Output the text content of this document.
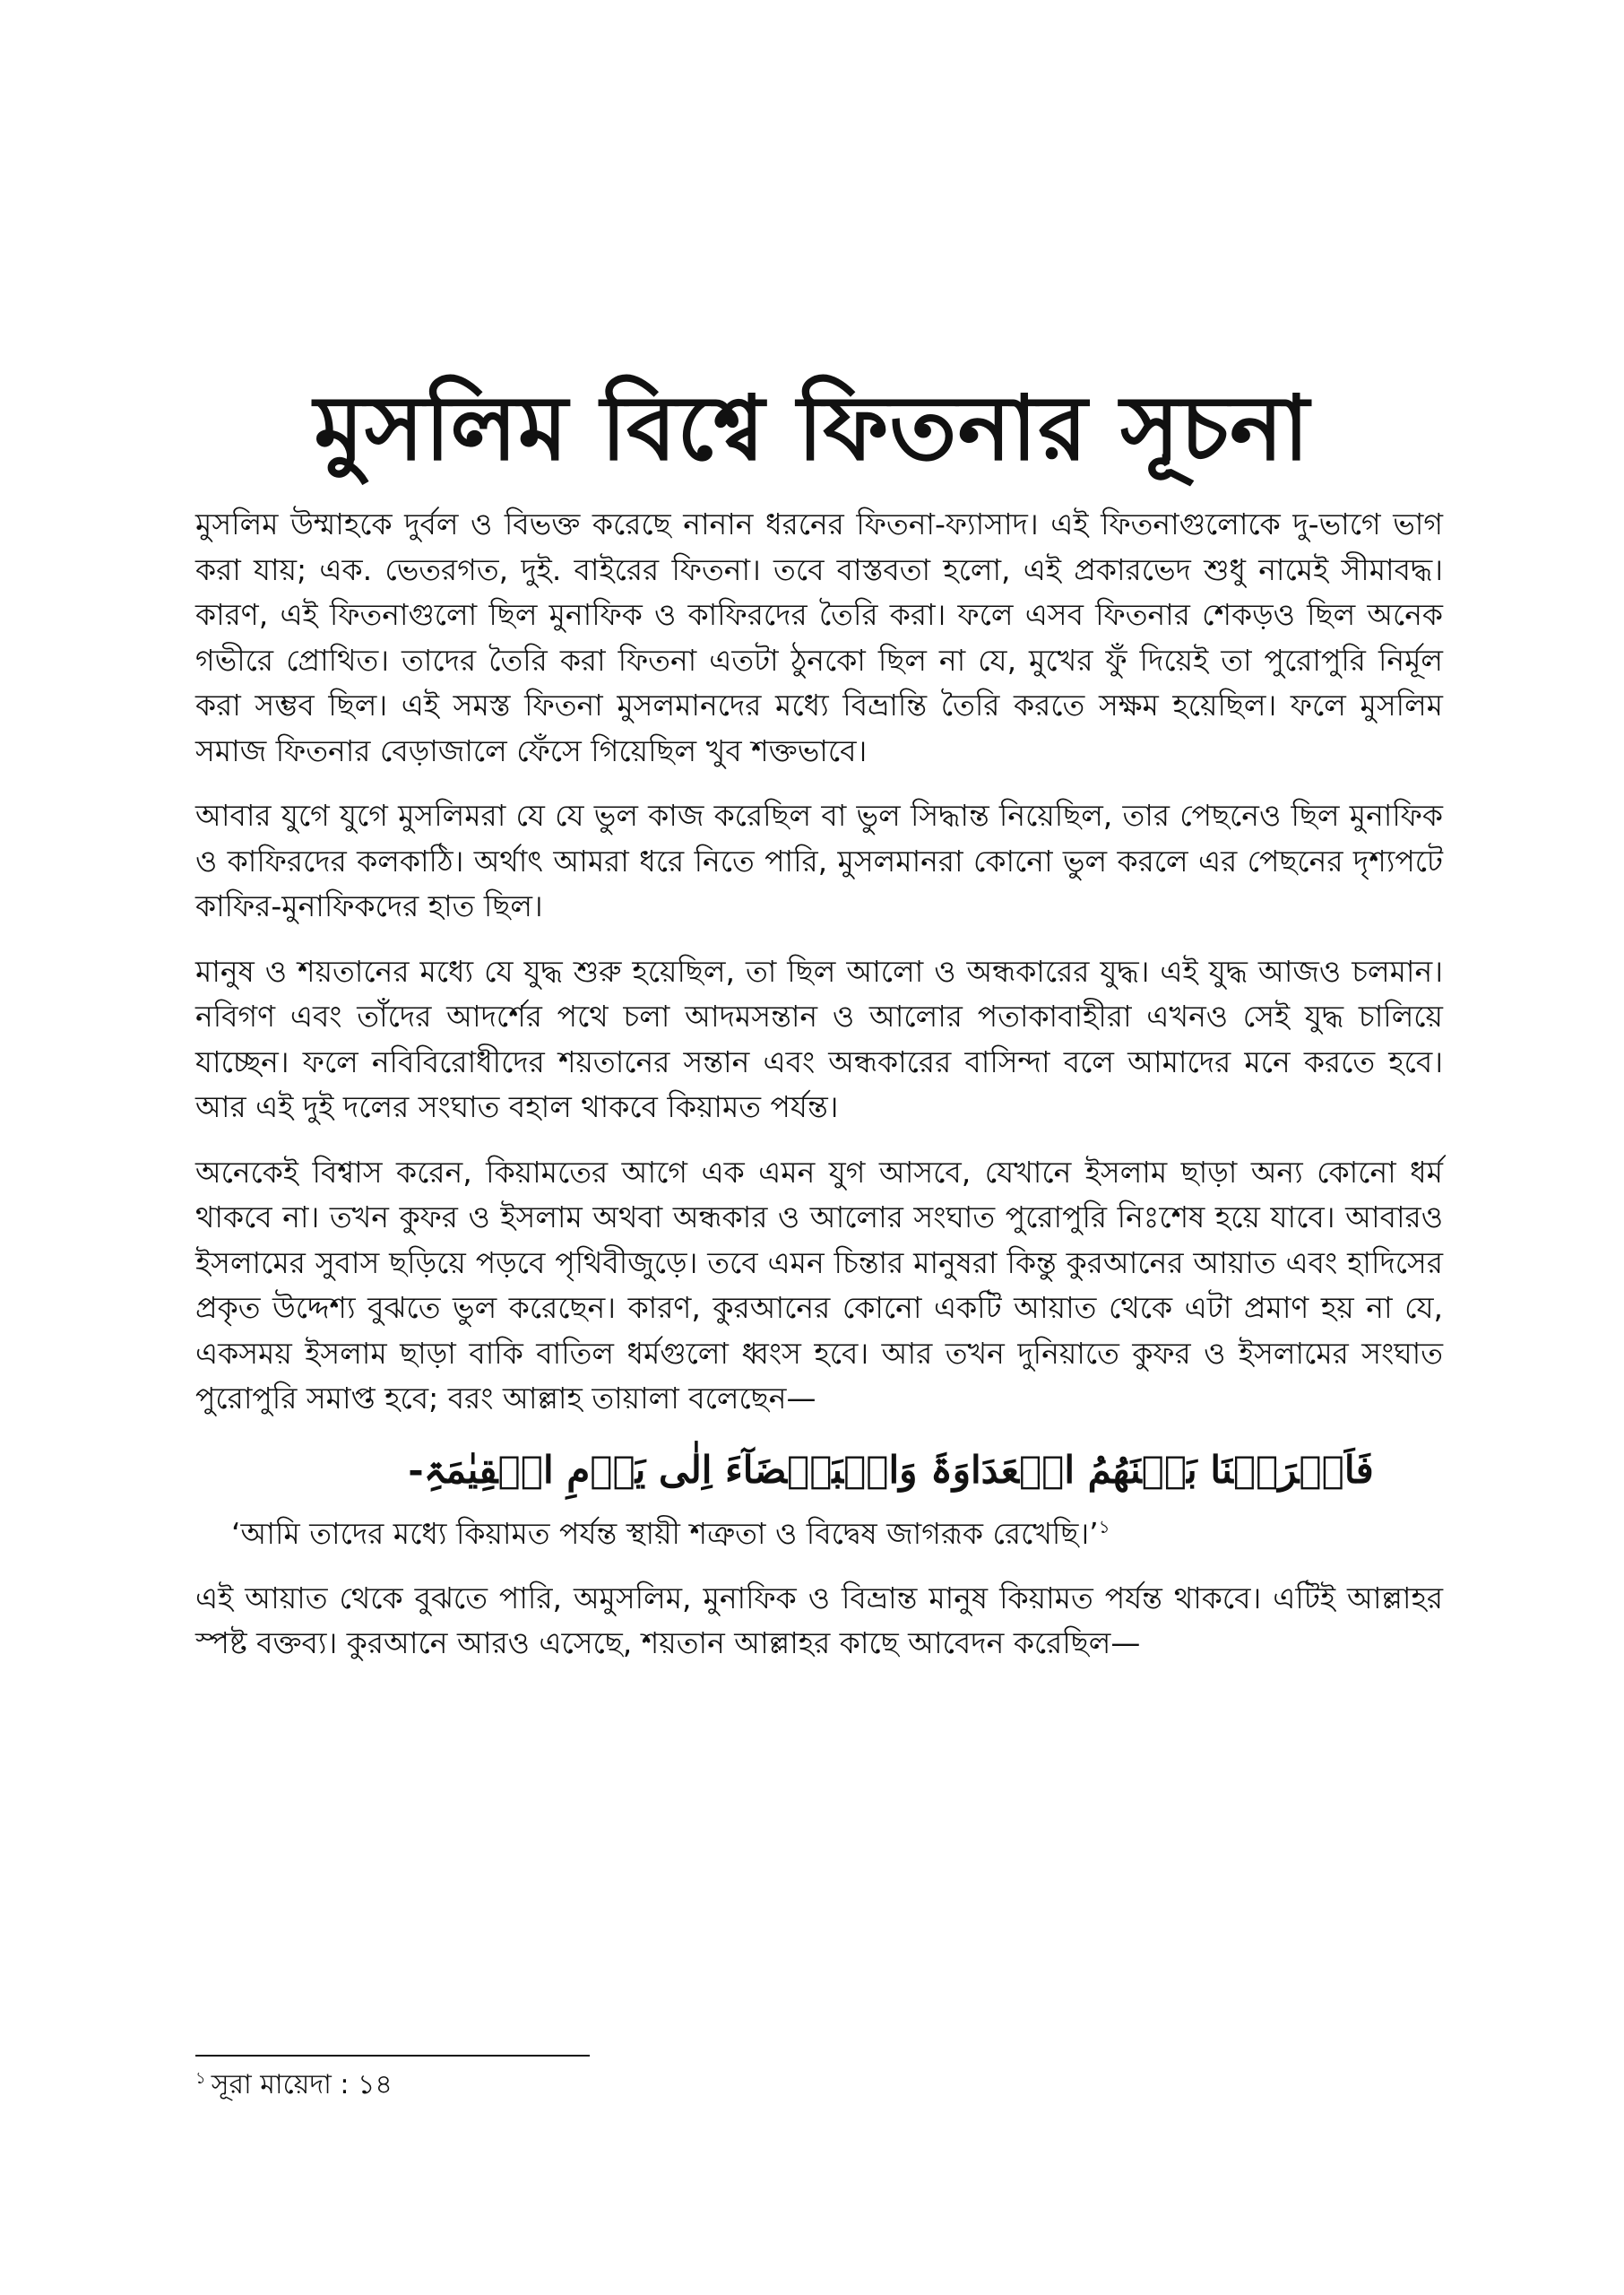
মুসলিম বিশ্বে ফিতনার সূচনা

মুসলিম উম্মাহকে দুর্বল ও বিভক্ত করেছে নানান ধরনের ফিতনা-ফ্যাসাদ। এই ফিতনাগুলোকে দু-ভাগে ভাগ করা যায়; এক. ভেতরগত, দুই. বাইরের ফিতনা। তবে বাস্তবতা হলো, এই প্রকারভেদ শুধু নামেই সীমাবদ্ধ। কারণ, এই ফিতনাগুলো ছিল মুনাফিক ও কাফিরদের তৈরি করা। ফলে এসব ফিতনার শেকড়ও ছিল অনেক গভীরে প্রোথিত। তাদের তৈরি করা ফিতনা এতটা ঠুনকো ছিল না যে, মুখের ফুঁ দিয়েই তা পুরোপুরি নির্মূল করা সম্ভব ছিল। এই সমস্ত ফিতনা মুসলমানদের মধ্যে বিভ্রান্তি তৈরি করতে সক্ষম হয়েছিল। ফলে মুসলিম সমাজ ফিতনার বেড়াজালে ফেঁসে গিয়েছিল খুব শক্তভাবে।

আবার যুগে যুগে মুসলিমরা যে যে ভুল কাজ করেছিল বা ভুল সিদ্ধান্ত নিয়েছিল, তার পেছনেও ছিল মুনাফিক ও কাফিরদের কলকাঠি। অর্থাৎ আমরা ধরে নিতে পারি, মুসলমানরা কোনো ভুল করলে এর পেছনের দৃশ্যপটে কাফির-মুনাফিকদের হাত ছিল।

মানুষ ও শয়তানের মধ্যে যে যুদ্ধ শুরু হয়েছিল, তা ছিল আলো ও অন্ধকারের যুদ্ধ। এই যুদ্ধ আজও চলমান। নবিগণ এবং তাঁদের আদর্শের পথে চলা আদমসন্তান ও আলোর পতাকাবাহীরা এখনও সেই যুদ্ধ চালিয়ে যাচ্ছেন। ফলে নবিবিরোধীদের শয়তানের সন্তান এবং অন্ধকারের বাসিন্দা বলে আমাদের মনে করতে হবে। আর এই দুই দলের সংঘাত বহাল থাকবে কিয়ামত পর্যন্ত।

অনেকেই বিশ্বাস করেন, কিয়ামতের আগে এক এমন যুগ আসবে, যেখানে ইসলাম ছাড়া অন্য কোনো ধর্ম থাকবে না। তখন কুফর ও ইসলাম অথবা অন্ধকার ও আলোর সংঘাত পুরোপুরি নিঃশেষ হয়ে যাবে। আবারও ইসলামের সুবাস ছড়িয়ে পড়বে পৃথিবীজুড়ে। তবে এমন চিন্তার মানুষরা কিন্তু কুরআনের আয়াত এবং হাদিসের প্রকৃত উদ্দেশ্য বুঝতে ভুল করেছেন। কারণ, কুরআনের কোনো একটি আয়াত থেকে এটা প্রমাণ হয় না যে, একসময় ইসলাম ছাড়া বাকি বাতিল ধর্মগুলো ধ্বংস হবে। আর তখন দুনিয়াতে কুফর ও ইসলামের সংঘাত পুরোপুরি সমাপ্ত হবে; বরং আল্লাহ তায়ালা বলেছেন—

فَاَغۡرَیۡنَا بَیۡنَهُمُ الۡعَدَاوَۃَ وَالۡبَغۡضَآءَ اِلٰی یَوۡمِ الۡقِیٰمَۃِ-

‘আমি তাদের মধ্যে কিয়ামত পর্যন্ত স্থায়ী শত্রুতা ও বিদ্বেষ জাগরূক রেখেছি।’$^১$

এই আয়াত থেকে বুঝতে পারি, অমুসলিম, মুনাফিক ও বিভ্রান্ত মানুষ কিয়ামত পর্যন্ত থাকবে। এটিই আল্লাহর স্পষ্ট বক্তব্য। কুরআনে আরও এসেছে, শয়তান আল্লাহর কাছে আবেদন করেছিল—

$^১$ সূরা মায়েদা : ১৪
